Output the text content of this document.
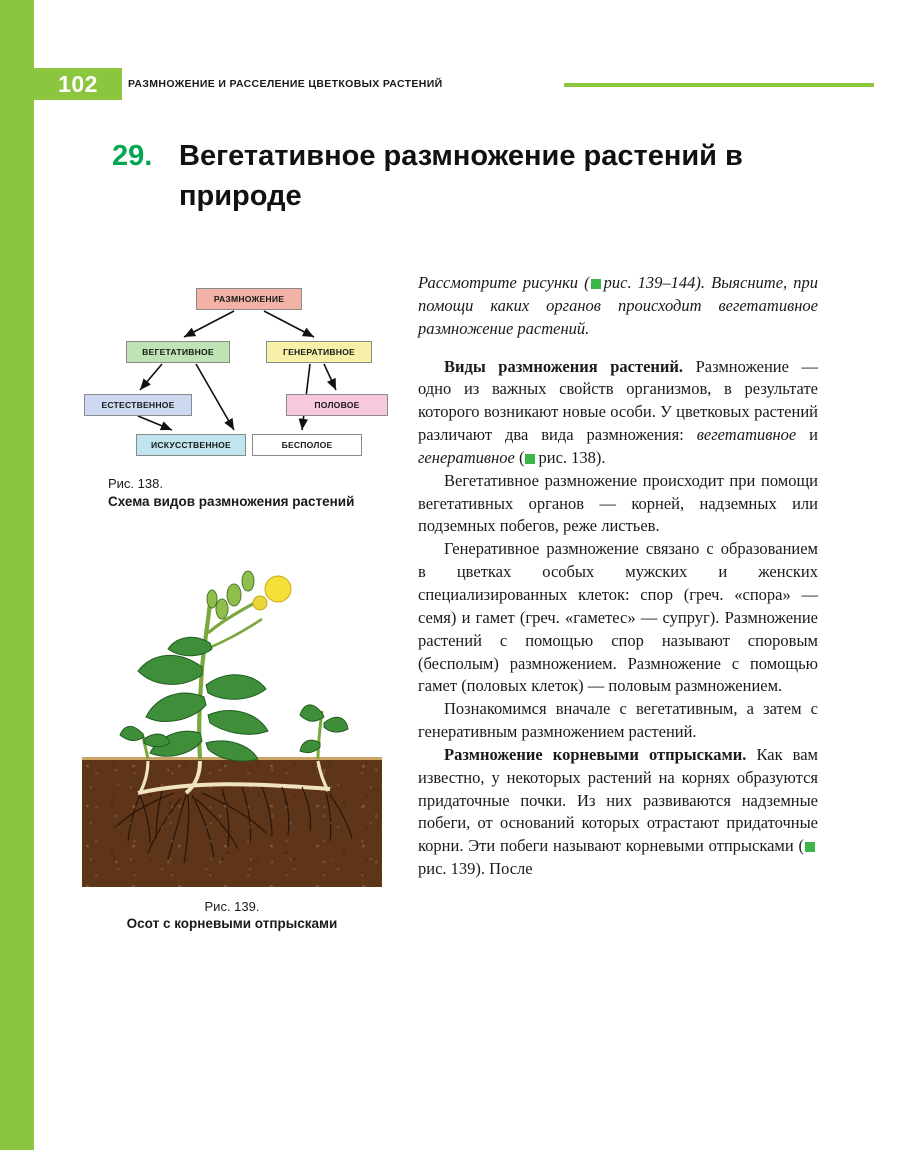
102	РАЗМНОЖЕНИЕ И РАССЕЛЕНИЕ ЦВЕТКОВЫХ РАСТЕНИЙ
29. Вегетативное размножение растений в природе
РАЗМНОЖЕНИЕ
ВЕГЕТАТИВНОЕ	ГЕНЕРАТИВНОЕ
ЕСТЕСТВЕННОЕ	ПОЛОВОЕ
ИСКУССТВЕННОЕ	БЕСПОЛОЕ
Рис. 138.
Схема видов размножения растений
Рис. 139.
Осот с корневыми отпрысками

Рассмотрите рисунки ( рис. 139–144). Выясните, при помощи каких органов происходит вегетативное размножение растений.

Виды размножения растений. Размножение — одно из важных свойств организмов, в результате которого возникают новые особи. У цветковых растений различают два вида размножения: вегетативное и генеративное ( рис. 138).

Вегетативное размножение происходит при помощи вегетативных органов — корней, надземных или подземных побегов, реже листьев.

Генеративное размножение связано с образованием в цветках особых мужских и женских специализированных клеток: спор (греч. «спора» — семя) и гамет (греч. «гаметес» — супруг). Размножение растений с помощью спор называют споровым (бесполым) размножением. Размножение с помощью гамет (половых клеток) — половым размножением.

Познакомимся вначале с вегетативным, а затем с генеративным размножением растений.

Размножение корневыми отпрысками. Как вам известно, у некоторых растений на корнях образуются придаточные почки. Из них развиваются надземные побеги, от оснований которых отрастают придаточные корни. Эти побеги называют корневыми отпрысками (рис. 139). После
